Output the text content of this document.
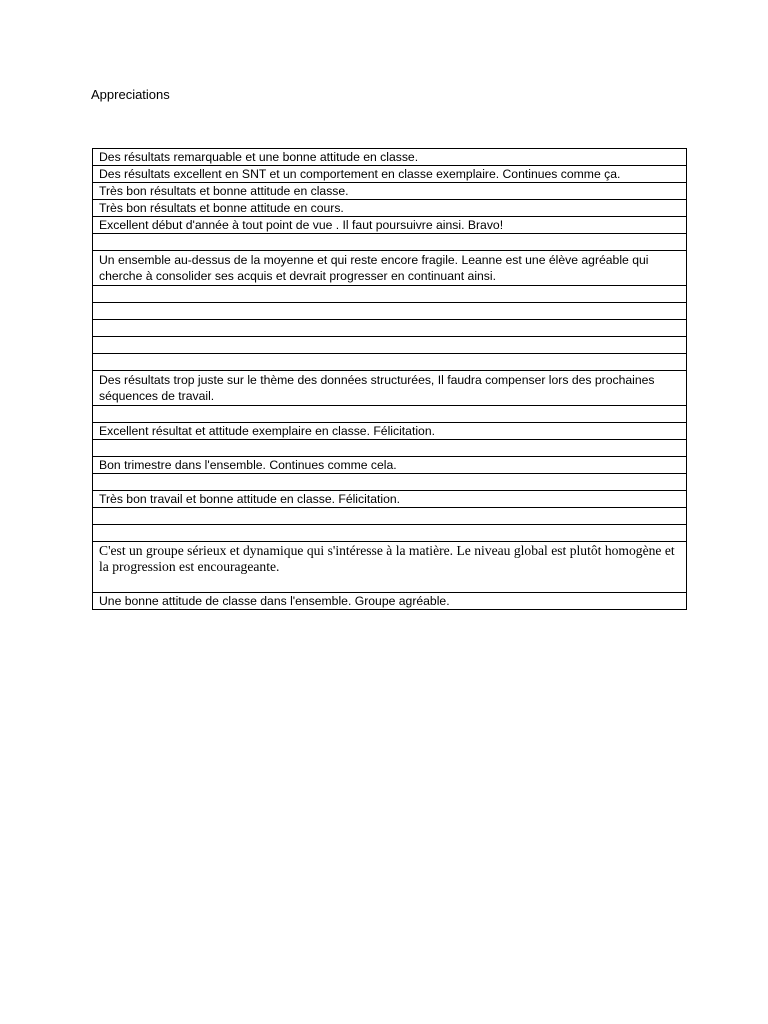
Appreciations
Des résultats remarquable et une bonne attitude en classe.
Des résultats excellent en SNT et un comportement en classe exemplaire. Continues comme ça.
Très bon résultats et bonne attitude en classe.
Très bon résultats et bonne attitude en cours.
Excellent début d'année à tout point de vue . Il faut poursuivre ainsi. Bravo!

Un ensemble au-dessus de la moyenne et qui reste encore fragile. Leanne est une élève agréable qui cherche à consolider ses acquis et devrait progresser en continuant ainsi.

Des résultats trop juste sur le thème des données structurées, Il faudra compenser lors des prochaines séquences de travail.

Excellent résultat et attitude exemplaire en classe. Félicitation.

Bon trimestre dans l'ensemble. Continues comme cela.

Très bon travail et bonne attitude en classe. Félicitation.

C'est un groupe sérieux et dynamique qui s'intéresse à la matière. Le niveau global est plutôt homogène et la progression est encourageante.
Une bonne attitude de classe dans l'ensemble. Groupe agréable.
